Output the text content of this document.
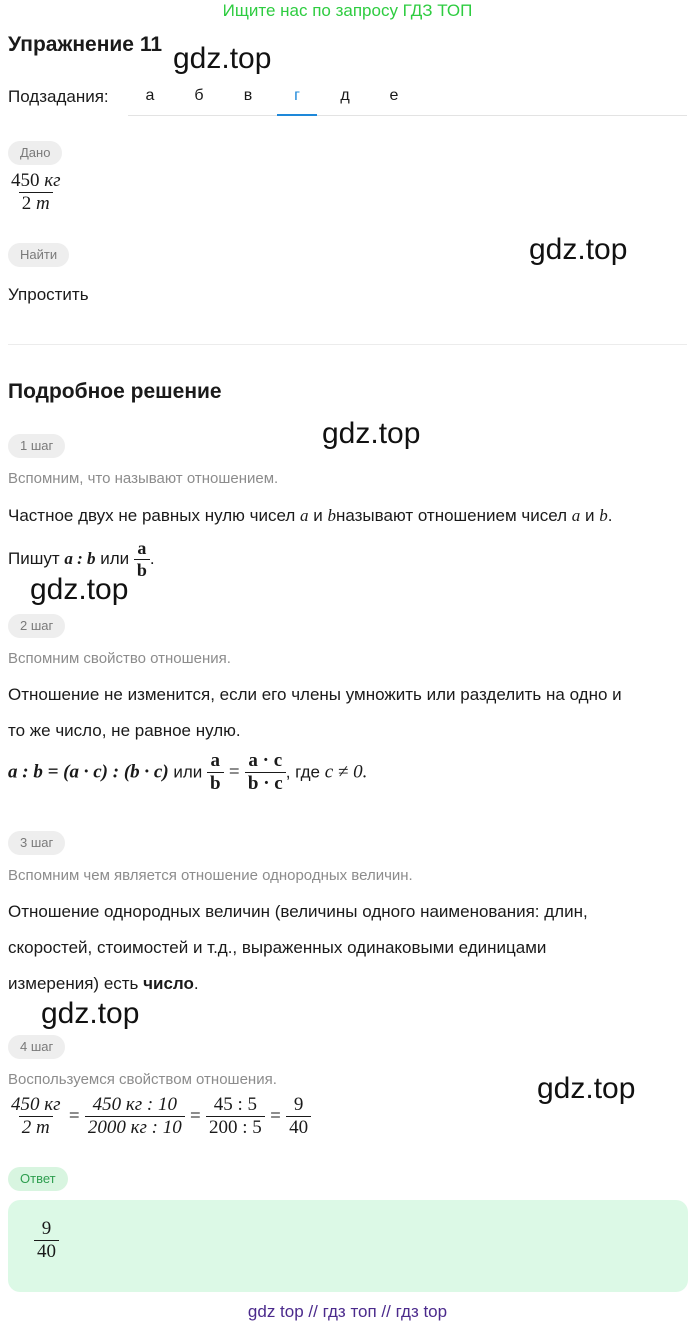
Ищите нас по запросу ГДЗ ТОП
Упражнение 11 gdz.top
gdz.top
gdz.top
gdz.top
gdz.top
gdz.top
Подзадания:	а	б	в	г	д	е
Дано
$\frac{450 кг}{2 т}$
Найти
Упростить
Подробное решение
1 шаг
Вспомним, что называют отношением.
Частное двух не равных нулю чисел a и bназывают отношением чисел a и b.
Пишут a : b или $\frac{a}{b}$ .
2 шаг
Вспомним свойство отношения.
Отношение не изменится, если его члены умножить или разделить на одно и
то же число, не равное нулю.
a : b = (a · c) : (b · c) или $\frac{a}{b} = \frac{a \cdot c}{b \cdot c}$ , где c ≠ 0.
3 шаг
Вспомним чем является отношение однородных величин.
Отношение однородных величин (величины одного наименования: длин,
скоростей, стоимостей и т.д., выраженных одинаковыми единицами
измерения) есть число.
4 шаг
Воспользуемся свойством отношения.
$\frac{450 кг}{2 т} = \frac{450 кг : 10}{2000 кг : 10} = \frac{45 : 5}{200 : 5} = \frac{9}{40}$
Ответ
$\frac{9}{40}$
gdz top // гдз топ // гдз top
